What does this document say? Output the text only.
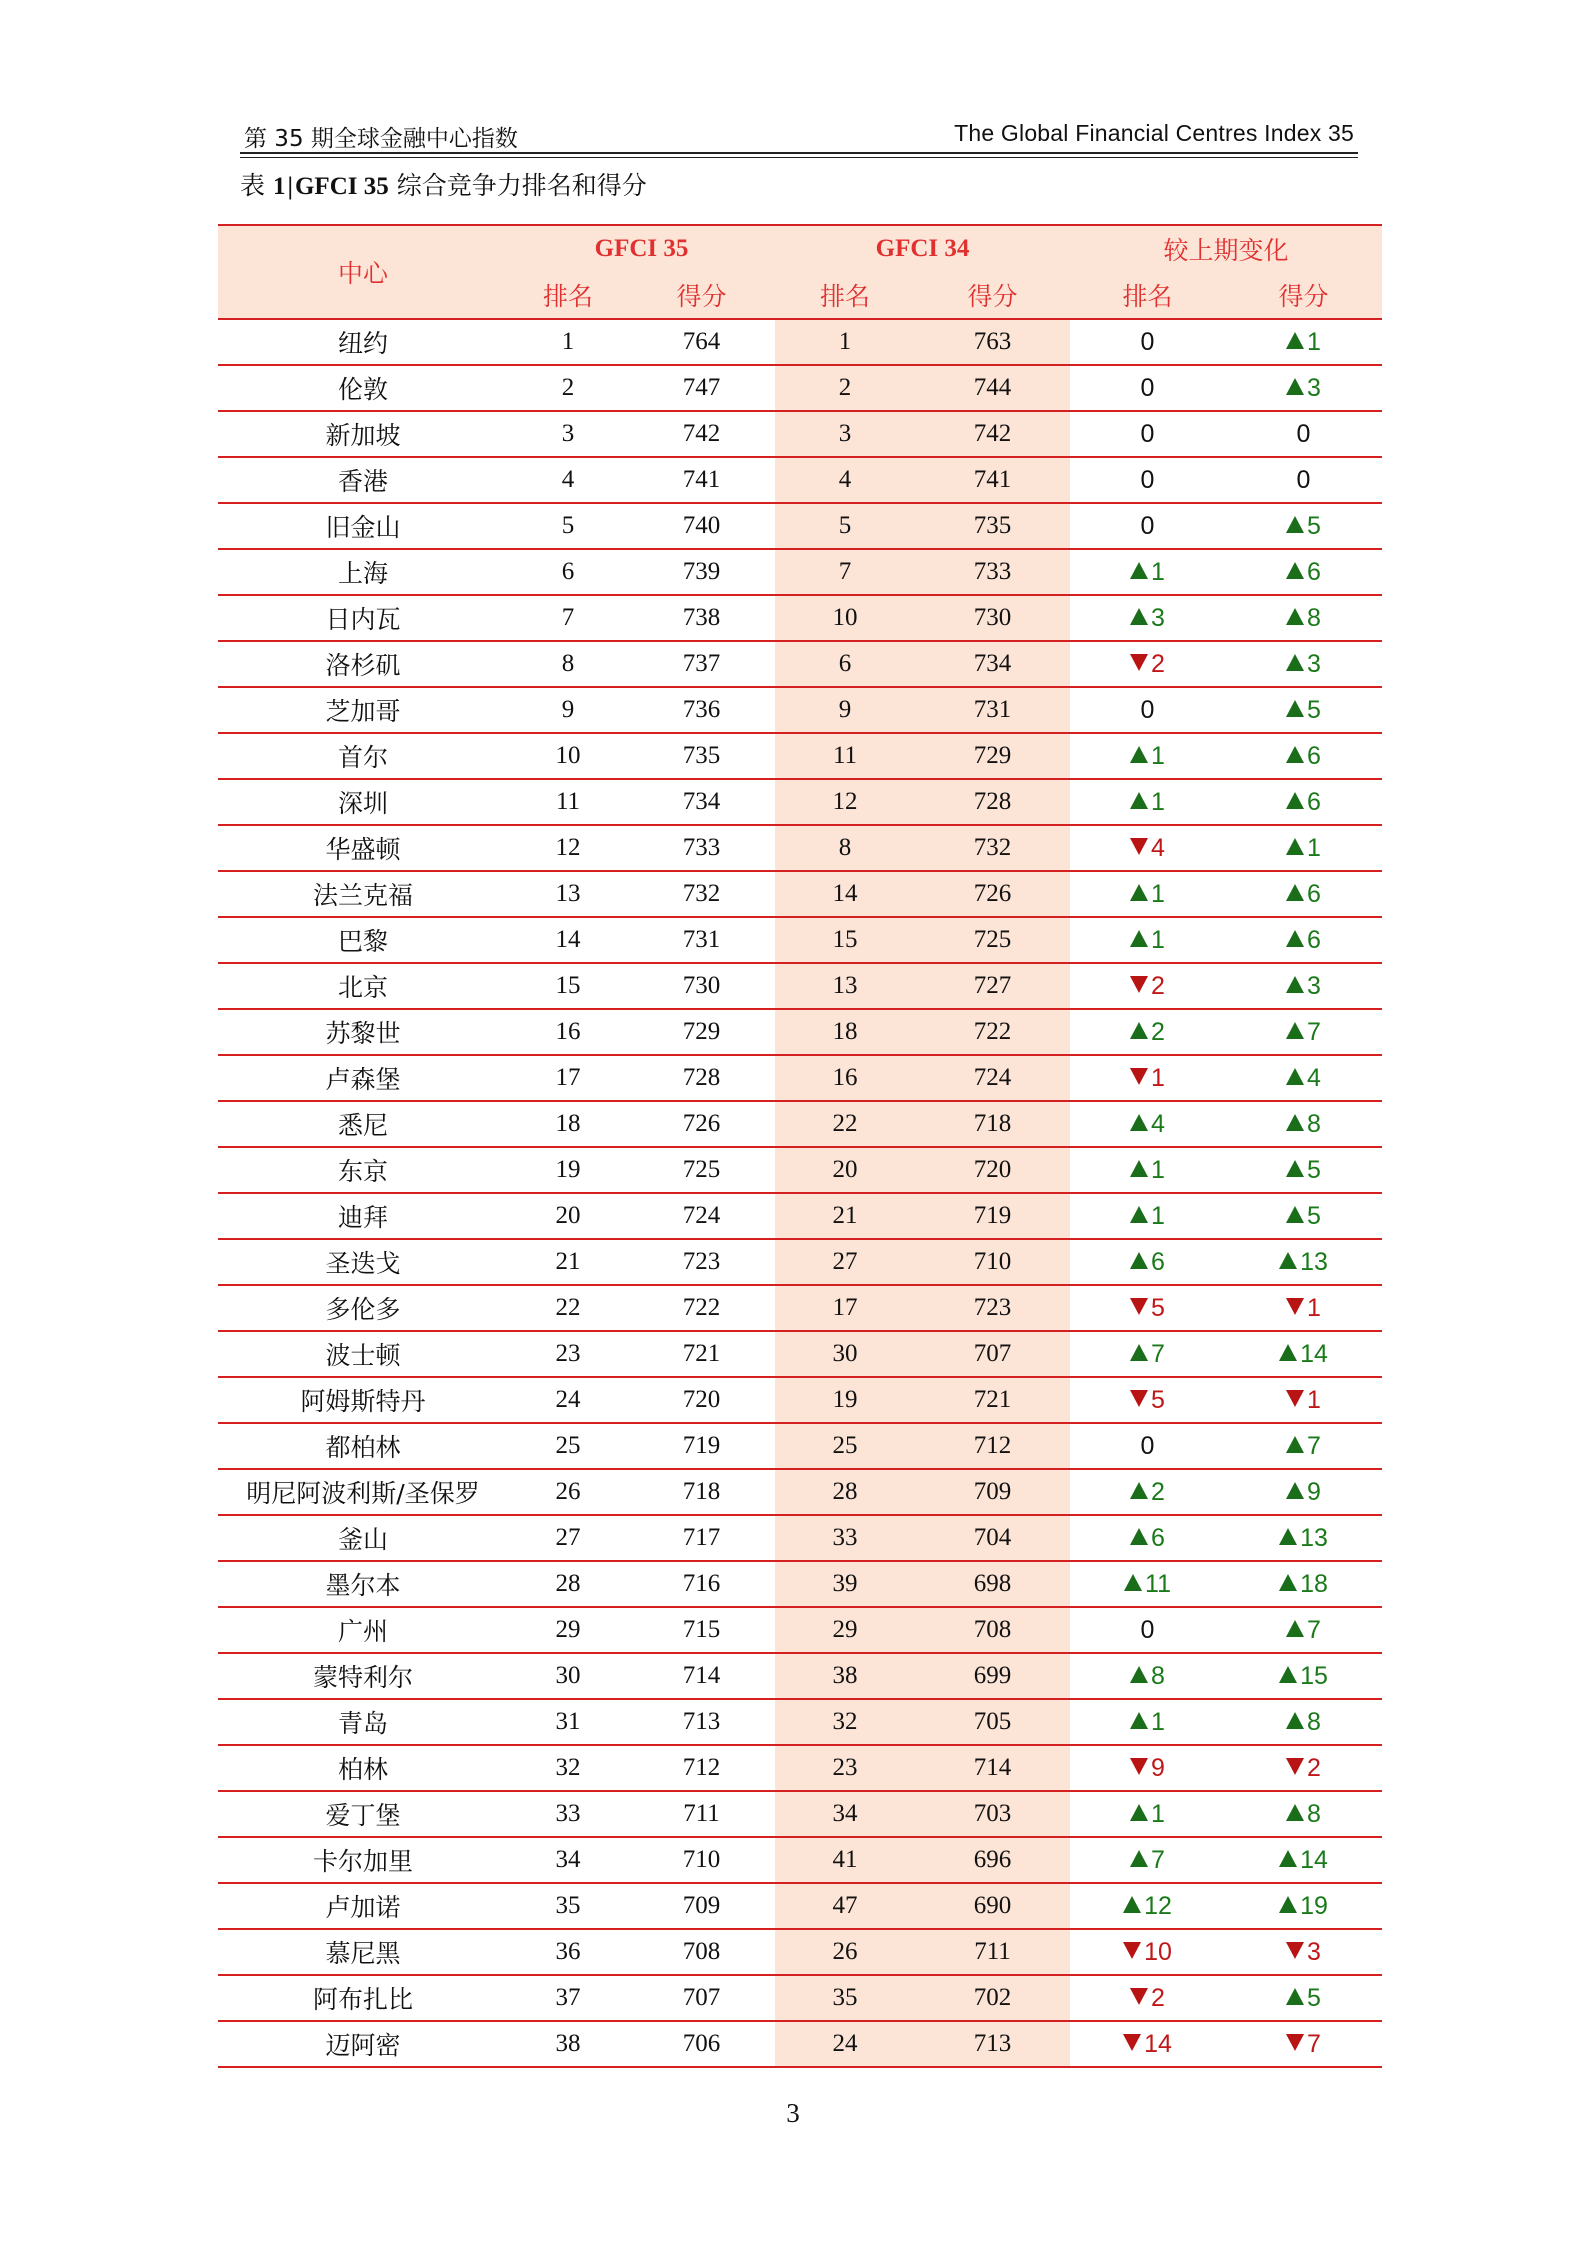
第 35 期全球金融中心指数	The Global Financial Centres Index 35
表 1|GFCI 35 综合竞争力排名和得分
中心	GFCI 35		GFCI 34		较上期变化	
	排名	得分	排名	得分	排名	得分
纽约	1	764	1	763	0	1
伦敦	2	747	2	744	0	3
新加坡	3	742	3	742	0	0
香港	4	741	4	741	0	0
旧金山	5	740	5	735	0	5
上海	6	739	7	733	1	6
日内瓦	7	738	10	730	3	8
洛杉矶	8	737	6	734	2	3
芝加哥	9	736	9	731	0	5
首尔	10	735	11	729	1	6
深圳	11	734	12	728	1	6
华盛顿	12	733	8	732	4	1
法兰克福	13	732	14	726	1	6
巴黎	14	731	15	725	1	6
北京	15	730	13	727	2	3
苏黎世	16	729	18	722	2	7
卢森堡	17	728	16	724	1	4
悉尼	18	726	22	718	4	8
东京	19	725	20	720	1	5
迪拜	20	724	21	719	1	5
圣迭戈	21	723	27	710	6	13
多伦多	22	722	17	723	5	1
波士顿	23	721	30	707	7	14
阿姆斯特丹	24	720	19	721	5	1
都柏林	25	719	25	712	0	7
明尼阿波利斯/圣保罗	26	718	28	709	2	9
釜山	27	717	33	704	6	13
墨尔本	28	716	39	698	11	18
广州	29	715	29	708	0	7
蒙特利尔	30	714	38	699	8	15
青岛	31	713	32	705	1	8
柏林	32	712	23	714	9	2
爱丁堡	33	711	34	703	1	8
卡尔加里	34	710	41	696	7	14
卢加诺	35	709	47	690	12	19
慕尼黑	36	708	26	711	10	3
阿布扎比	37	707	35	702	2	5
迈阿密	38	706	24	713	14	7
3
